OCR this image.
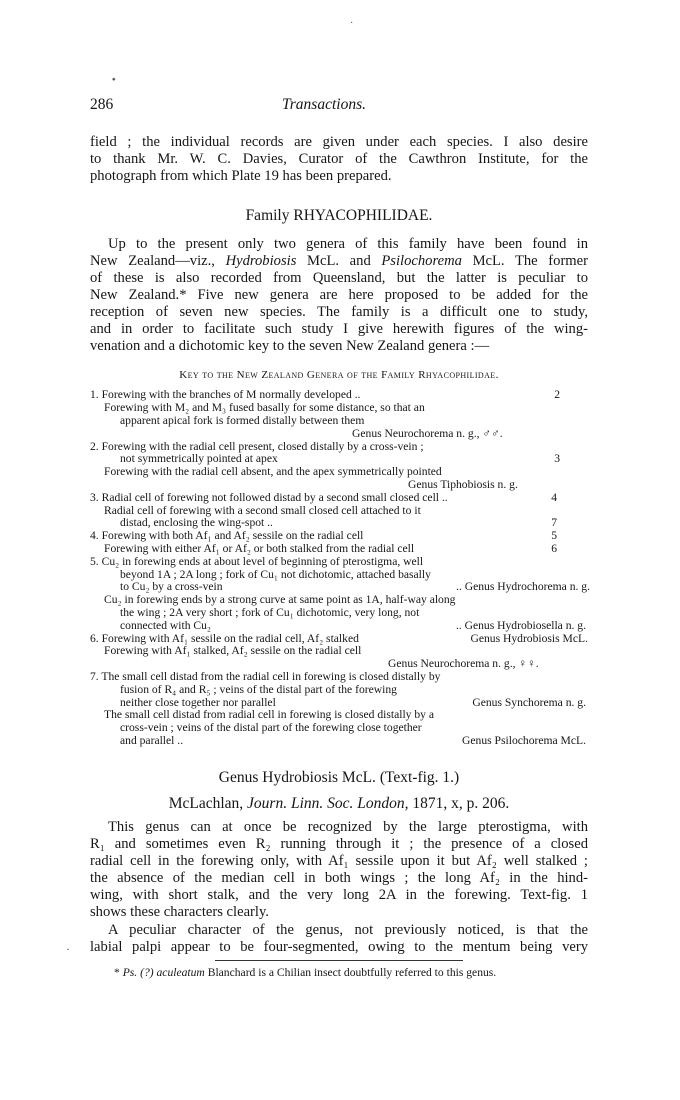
⬩
·
286	Transactions.
field ; the individual records are given under each species. I also desire
to thank Mr. W. C. Davies, Curator of the Cawthron Institute, for the
photograph from which Plate 19 has been prepared.
Family RHYACOPHILIDAE.
Up to the present only two genera of this family have been found in
New Zealand—viz., Hydrobiosis McL. and Psilochorema McL. The former
of these is also recorded from Queensland, but the latter is peculiar to
New Zealand.* Five new genera are here proposed to be added for the
reception of seven new species. The family is a difficult one to study,
and in order to facilitate such study I give herewith figures of the wing-
venation and a dichotomic key to the seven New Zealand genera :—
Key to the New Zealand Genera of the Family Rhyacophilidae.
1. Forewing with the branches of M normally developed ..	2
Forewing with M₂ and M₃ fused basally for some distance, so that an
apparent apical fork is formed distally between them
Genus Neurochorema n. g., ♂♂.
2. Forewing with the radial cell present, closed distally by a cross-vein ;
not symmetrically pointed at apex	3
Forewing with the radial cell absent, and the apex symmetrically pointed
Genus Tiphobiosis n. g.
3. Radial cell of forewing not followed distad by a second small closed cell ..	4
Radial cell of forewing with a second small closed cell attached to it
distad, enclosing the wing-spot ..	7
4. Forewing with both Af₁ and Af₂ sessile on the radial cell	5
Forewing with either Af₁ or Af₂ or both stalked from the radial cell	6
5. Cu₂ in forewing ends at about level of beginning of pterostigma, well
beyond 1A ; 2A long ; fork of Cu₁ not dichotomic, attached basally
to Cu₂ by a cross-vein	.. Genus Hydrochorema n. g.
Cu₂ in forewing ends by a strong curve at same point as 1A, half-way along
the wing ; 2A very short ; fork of Cu₁ dichotomic, very long, not
connected with Cu₂	.. Genus Hydrobiosella n. g.
6. Forewing with Af₁ sessile on the radial cell, Af₂ stalked	Genus Hydrobiosis McL.
Forewing with Af₁ stalked, Af₂ sessile on the radial cell
Genus Neurochorema n. g., ♀♀.
7. The small cell distad from the radial cell in forewing is closed distally by
fusion of R₄ and R₅ ; veins of the distal part of the forewing
neither close together nor parallel	Genus Synchorema n. g.
The small cell distad from radial cell in forewing is closed distally by a
cross-vein ; veins of the distal part of the forewing close together
and parallel ..	Genus Psilochorema McL.
Genus Hydrobiosis McL. (Text-fig. 1.)
McLachlan, Journ. Linn. Soc. London, 1871, x, p. 206.
This genus can at once be recognized by the large pterostigma, with
R₁ and sometimes even R₂ running through it ; the presence of a closed
radial cell in the forewing only, with Af₁ sessile upon it but Af₂ well stalked ;
the absence of the median cell in both wings ; the long Af₂ in the hind-
wing, with short stalk, and the very long 2A in the forewing. Text-fig. 1
shows these characters clearly.
A peculiar character of the genus, not previously noticed, is that the
labial palpi appear to be four-segmented, owing to the mentum being very
·
* Ps. (?) aculeatum Blanchard is a Chilian insect doubtfully referred to this genus.
